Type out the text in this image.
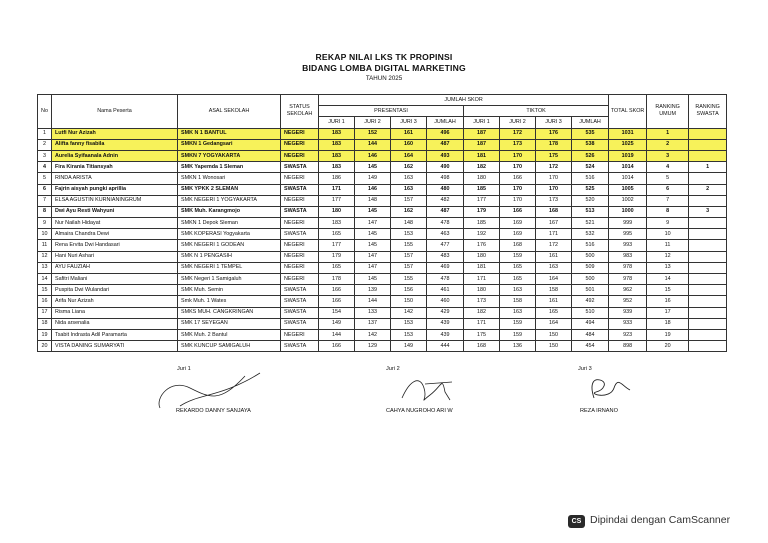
REKAP NILAI LKS TK PROPINSI
BIDANG LOMBA DIGITAL MARKETING
TAHUN 2025
No	Nama Peserta	ASAL SEKOLAH	STATUS SEKOLAH	JUMLAH SKOR								TOTAL SKOR	RANKING UMUM	RANKING SWASTA
				PRESENTASI				TIKTOK						
				JURI 1	JURI 2	JURI 3	JUMLAH	JURI 1	JURI 2	JURI 3	JUMLAH			
1	Lutfi Nur Azizah	SMK N 1 BANTUL	NEGERI	183	152	161	496	187	172	176	535	1031	1	
2	Alifta fanny fisabila	SMKN 1 Gedangsari	NEGERI	183	144	160	487	187	173	178	538	1025	2	
3	Aurelia Syifaanala Adnin	SMKN 7 YOGYAKARTA	NEGERI	183	146	164	493	181	170	175	526	1019	3	
4	Fira Kirania Titiansyah	SMK Yapemda 1 Sleman	SWASTA	183	145	162	490	182	170	172	524	1014	4	1
5	RINDA ARISTA	SMKN 1 Wonosari	NEGERI	186	149	163	498	180	166	170	516	1014	5	
6	Fajrin aisyah pungki aprillia	SMK YPKK 2 SLEMAN	SWASTA	171	146	163	480	185	170	170	525	1005	6	2
7	ELSA AGUSTIN KURNIANINGRUM	SMK NEGERI 1 YOGYAKARTA	NEGERI	177	148	157	482	177	170	173	520	1002	7	
8	Dwi Ayu Resti Wahyuni	SMK Muh. Karangmojo	SWASTA	180	145	162	487	179	166	168	513	1000	8	3
9	Nur Nailah Hidayat	SMKN 1 Depok Sleman	NEGERI	183	147	148	478	185	169	167	521	999	9	
10	Almaira Chandra Dewi	SMK KOPERASI Yogyakarta	SWASTA	165	145	153	463	192	169	171	532	995	10	
11	Rena Ervita Dwi Handasari	SMK NEGERI 1 GODEAN	NEGERI	177	145	155	477	176	168	172	516	993	11	
12	Hani Nuri Ashari	SMK N 1 PENGASIH	NEGERI	179	147	157	483	180	159	161	500	983	12	
13	AYU FAUZIAH	SMK NEGERI 1 TEMPEL	NEGERI	165	147	157	469	181	165	163	509	978	13	
14	Safitri Maliani	SMK Negeri 1 Samigaluh	NEGERI	178	145	155	478	171	165	164	500	978	14	
15	Puspita Dwi Wulandari	SMK Muh. Semin	SWASTA	166	139	156	461	180	163	158	501	962	15	
16	Arifa Nur Azizah	Smk Muh. 1 Wates	SWASTA	166	144	150	460	173	158	161	492	952	16	
17	Risma Liana	SMKS MUH. CANGKRINGAN	SWASTA	154	133	142	429	182	163	165	510	939	17	
18	Nida arsenalia	SMK 17 SEYEGAN	SWASTA	149	137	153	439	171	159	164	494	933	18	
19	Tsabit Indrasta Adil Paramarta	SMK Muh. 2 Bantul	NEGERI	144	142	153	439	175	159	150	484	923	19	
20	VISTA DANING SUMARYATI	SMK KUNCUP SAMIGALUH	SWASTA	166	129	149	444	168	136	150	454	898	20	
Juri 1
REKARDO DANNY SANJAYA
Juri 2
CAHYA NUGROHO ARI W
Juri 3
REZA IRNANO
CS Dipindai dengan CamScanner
